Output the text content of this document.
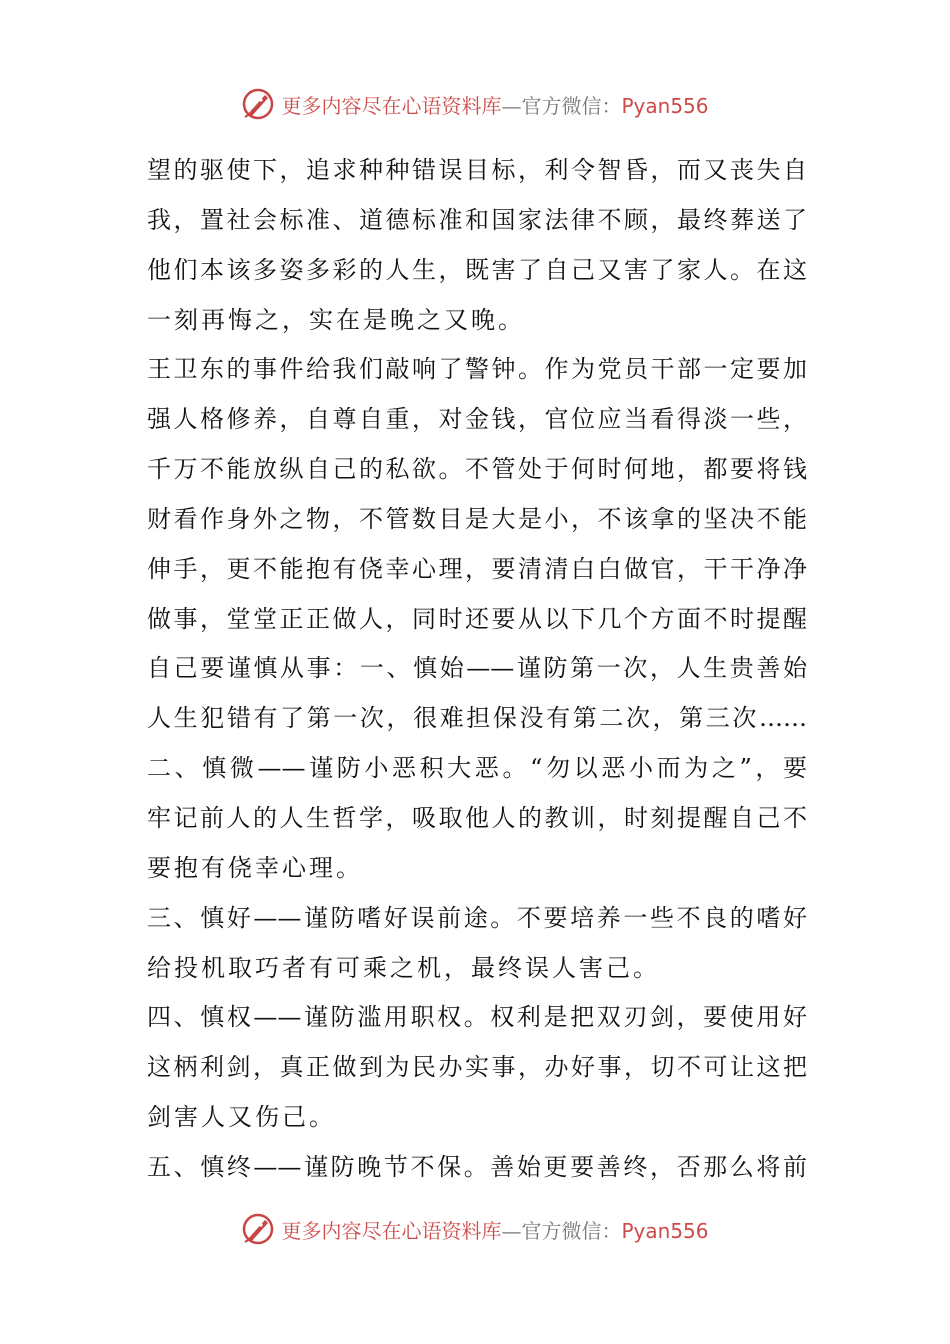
更多内容尽在心语资料库—官方微信：Pyan556
望的驱使下，追求种种错误目标，利令智昏，而又丧失自
我，置社会标准、道德标准和国家法律不顾，最终葬送了
他们本该多姿多彩的人生，既害了自己又害了家人。在这
一刻再悔之，实在是晚之又晚。
王卫东的事件给我们敲响了警钟。作为党员干部一定要加
强人格修养，自尊自重，对金钱，官位应当看得淡一些，
千万不能放纵自己的私欲。不管处于何时何地，都要将钱
财看作身外之物，不管数目是大是小，不该拿的坚决不能
伸手，更不能抱有侥幸心理，要清清白白做官，干干净净
做事，堂堂正正做人，同时还要从以下几个方面不时提醒
自己要谨慎从事：一、慎始——谨防第一次，人生贵善始
人生犯错有了第一次，很难担保没有第二次，第三次……
二、慎微——谨防小恶积大恶。“勿以恶小而为之”，要
牢记前人的人生哲学，吸取他人的教训，时刻提醒自己不
要抱有侥幸心理。
三、慎好——谨防嗜好误前途。不要培养一些不良的嗜好
给投机取巧者有可乘之机，最终误人害己。
四、慎权——谨防滥用职权。权利是把双刃剑，要使用好
这柄利剑，真正做到为民办实事，办好事，切不可让这把
剑害人又伤己。
五、慎终——谨防晚节不保。善始更要善终，否那么将前
更多内容尽在心语资料库—官方微信：Pyan556
